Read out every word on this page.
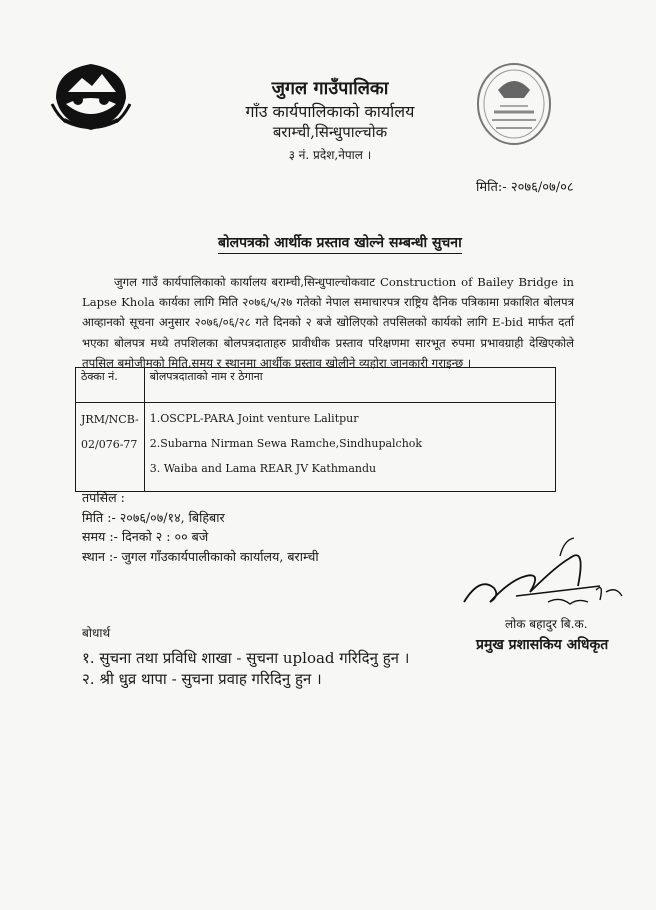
जुगल गाउँपालिका
गाँउ कार्यपालिकाको कार्यालय
बराम्ची,सिन्धुपाल्चोक
३ नं. प्रदेश,नेपाल ।
मिति:- २०७६/०७/०८
बोलपत्रको आर्थीक प्रस्ताव खोल्ने सम्बन्धी सुचना
जुगल गाउँ कार्यपालिकाको कार्यालय बराम्ची,सिन्धुपाल्चोकवाट Construction of Bailey Bridge in Lapse Khola कार्यका लागि मिति २०७६/५/२७ गतेको नेपाल समाचारपत्र राष्ट्रिय दैनिक पत्रिकामा प्रकाशित बोलपत्र आव्हानको सूचना अनुसार २०७६/०६/२८ गते दिनको २ बजे खोलिएको तपसिलको कार्यको लागि E-bid मार्फत दर्ता भएका बोलपत्र मध्ये तपशिलका बोलपत्रदाताहरु प्रावीधीक प्रस्ताव परिक्षणमा सारभूत रुपमा प्रभावग्राही देखिएकोले तपसिल बमोजीमको मिति,समय र स्थानमा आर्थीक प्रस्ताव खोलीने व्यहोरा जानकारी गराइन्छ ।
ठेक्का नं.	बोलपत्रदाताको नाम र ठेगाना

JRM/NCB-
02/076-77	1.OSCPL-PARA Joint venture Lalitpur
2.Subarna Nirman Sewa Ramche,Sindhupalchok
3. Waiba and Lama REAR JV Kathmandu
तपसिल :
मिति :- २०७६/०७/१४, बिहिबार
समय :- दिनको २ : ०० बजे
स्थान :- जुगल गाँउकार्यपालीकाको कार्यालय, बराम्ची
लोक बहादुर बि.क.
प्रमुख प्रशासकिय अधिकृत
बोधार्थ
१. सुचना तथा प्रविधि शाखा - सुचना upload गरिदिनु हुन ।
२. श्री धुव्र थापा - सुचना प्रवाह गरिदिनु हुन ।
